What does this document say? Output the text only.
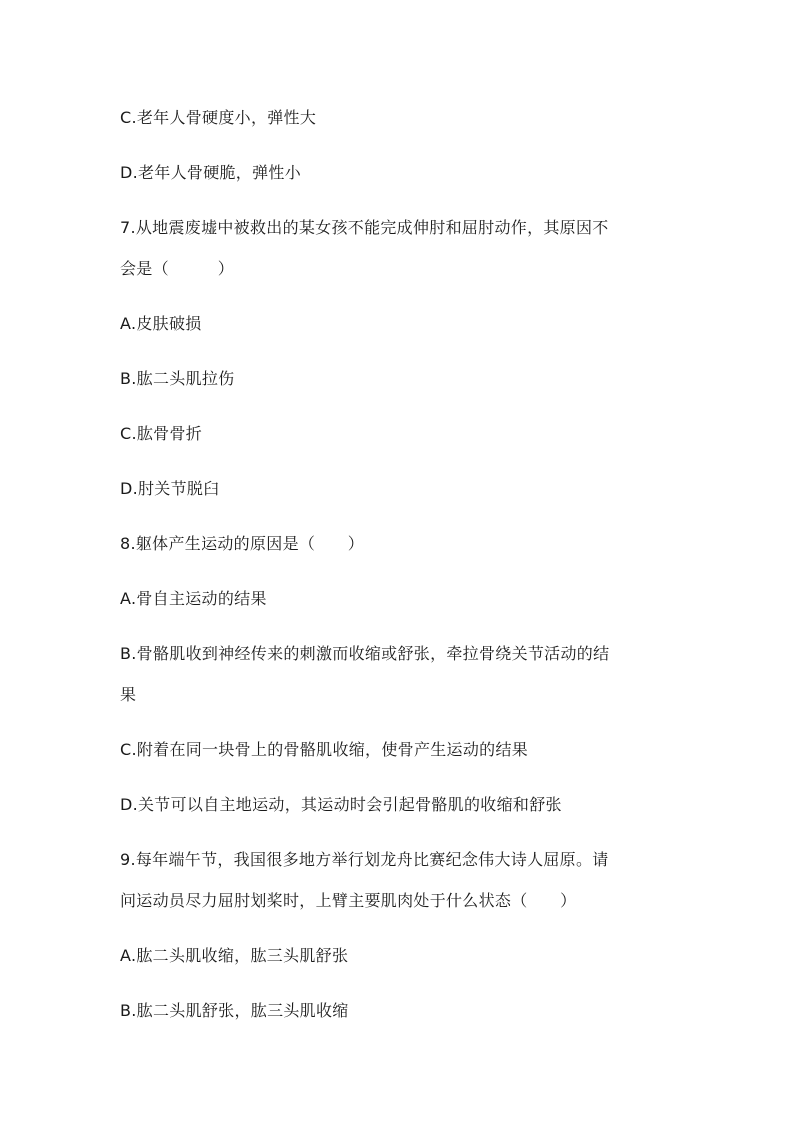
C.老年人骨硬度小，弹性大
D.老年人骨硬脆，弹性小
7.从地震废墟中被救出的某女孩不能完成伸肘和屈肘动作，其原因不
会是（　　　）
A.皮肤破损
B.肱二头肌拉伤
C.肱骨骨折
D.肘关节脱臼
8.躯体产生运动的原因是（　　）
A.骨自主运动的结果
B.骨骼肌收到神经传来的刺激而收缩或舒张，牵拉骨绕关节活动的结
果
C.附着在同一块骨上的骨骼肌收缩，使骨产生运动的结果
D.关节可以自主地运动，其运动时会引起骨骼肌的收缩和舒张
9.每年端午节，我国很多地方举行划龙舟比赛纪念伟大诗人屈原。请
问运动员尽力屈肘划桨时，上臂主要肌肉处于什么状态（　　）
A.肱二头肌收缩，肱三头肌舒张
B.肱二头肌舒张，肱三头肌收缩
